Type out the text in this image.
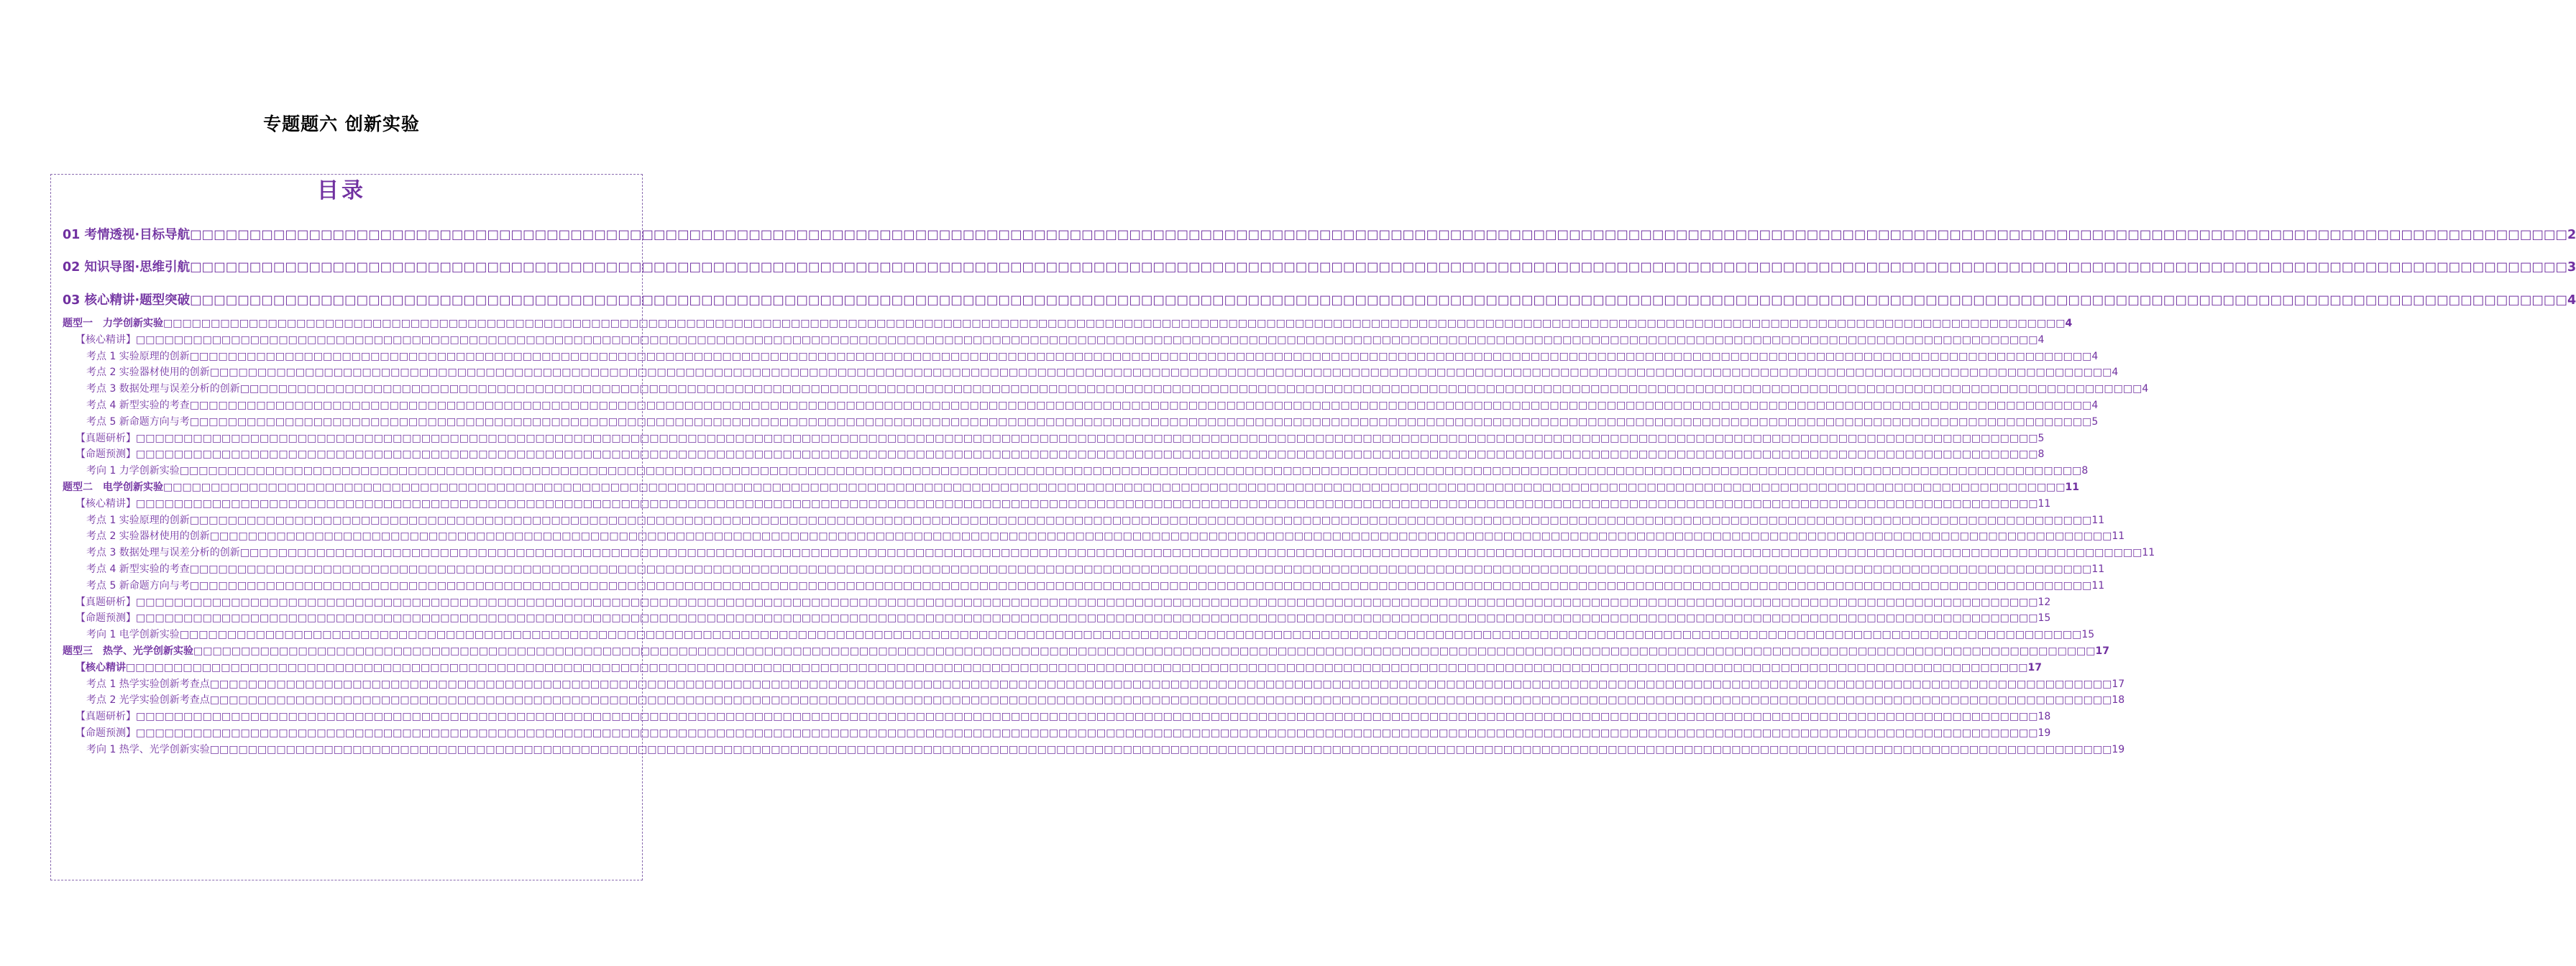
专题题六 创新实验
目录
01 考情透视·目标导航 □□□□□□□□□□□□□□□□□□□□□□□□□□□□□□□□□□□□□□□□□□□□□□□□□□□□□□□□□□□□□□□□□□□□□□□□□□□□□□□□□□□□□□□□□□□□□□□□□□□□□□□□□□□□□□□□□□□□□□□□□□□□□□□□□□□□□□□□□□□□□□□□□□□□□□□□□□□□□□□□□□□□□□□□□□□□□□□□□□□□□□□□□□□□□□□□□□□□□□□□ 2
02 知识导图·思维引航 □□□□□□□□□□□□□□□□□□□□□□□□□□□□□□□□□□□□□□□□□□□□□□□□□□□□□□□□□□□□□□□□□□□□□□□□□□□□□□□□□□□□□□□□□□□□□□□□□□□□□□□□□□□□□□□□□□□□□□□□□□□□□□□□□□□□□□□□□□□□□□□□□□□□□□□□□□□□□□□□□□□□□□□□□□□□□□□□□□□□□□□□□□□□□□□□□□□□□□□□ 3
03 核心精讲·题型突破 □□□□□□□□□□□□□□□□□□□□□□□□□□□□□□□□□□□□□□□□□□□□□□□□□□□□□□□□□□□□□□□□□□□□□□□□□□□□□□□□□□□□□□□□□□□□□□□□□□□□□□□□□□□□□□□□□□□□□□□□□□□□□□□□□□□□□□□□□□□□□□□□□□□□□□□□□□□□□□□□□□□□□□□□□□□□□□□□□□□□□□□□□□□□□□□□□□□□□□□□ 4
题型一　力学创新实验 □□□□□□□□□□□□□□□□□□□□□□□□□□□□□□□□□□□□□□□□□□□□□□□□□□□□□□□□□□□□□□□□□□□□□□□□□□□□□□□□□□□□□□□□□□□□□□□□□□□□□□□□□□□□□□□□□□□□□□□□□□□□□□□□□□□□□□□□□□□□□□□□□□□□□□□□□□□□□□□□□□□□□□□□□□□□□□□□□□□□□□□□□□□□□□□□□□□□□□□□ 4
【核心精讲】 □□□□□□□□□□□□□□□□□□□□□□□□□□□□□□□□□□□□□□□□□□□□□□□□□□□□□□□□□□□□□□□□□□□□□□□□□□□□□□□□□□□□□□□□□□□□□□□□□□□□□□□□□□□□□□□□□□□□□□□□□□□□□□□□□□□□□□□□□□□□□□□□□□□□□□□□□□□□□□□□□□□□□□□□□□□□□□□□□□□□□□□□□□□□□□□□□□□□□□□□ 4
考点 1 实验原理的创新 □□□□□□□□□□□□□□□□□□□□□□□□□□□□□□□□□□□□□□□□□□□□□□□□□□□□□□□□□□□□□□□□□□□□□□□□□□□□□□□□□□□□□□□□□□□□□□□□□□□□□□□□□□□□□□□□□□□□□□□□□□□□□□□□□□□□□□□□□□□□□□□□□□□□□□□□□□□□□□□□□□□□□□□□□□□□□□□□□□□□□□□□□□□□□□□□□□□□□□□□ 4
考点 2 实验器材使用的创新 □□□□□□□□□□□□□□□□□□□□□□□□□□□□□□□□□□□□□□□□□□□□□□□□□□□□□□□□□□□□□□□□□□□□□□□□□□□□□□□□□□□□□□□□□□□□□□□□□□□□□□□□□□□□□□□□□□□□□□□□□□□□□□□□□□□□□□□□□□□□□□□□□□□□□□□□□□□□□□□□□□□□□□□□□□□□□□□□□□□□□□□□□□□□□□□□□□□□□□□□ 4
考点 3 数据处理与误差分析的创新 □□□□□□□□□□□□□□□□□□□□□□□□□□□□□□□□□□□□□□□□□□□□□□□□□□□□□□□□□□□□□□□□□□□□□□□□□□□□□□□□□□□□□□□□□□□□□□□□□□□□□□□□□□□□□□□□□□□□□□□□□□□□□□□□□□□□□□□□□□□□□□□□□□□□□□□□□□□□□□□□□□□□□□□□□□□□□□□□□□□□□□□□□□□□□□□□□□□□□□□□ 4
考点 4 新型实验的考查 □□□□□□□□□□□□□□□□□□□□□□□□□□□□□□□□□□□□□□□□□□□□□□□□□□□□□□□□□□□□□□□□□□□□□□□□□□□□□□□□□□□□□□□□□□□□□□□□□□□□□□□□□□□□□□□□□□□□□□□□□□□□□□□□□□□□□□□□□□□□□□□□□□□□□□□□□□□□□□□□□□□□□□□□□□□□□□□□□□□□□□□□□□□□□□□□□□□□□□□□ 4
考点 5 新命题方向与考 □□□□□□□□□□□□□□□□□□□□□□□□□□□□□□□□□□□□□□□□□□□□□□□□□□□□□□□□□□□□□□□□□□□□□□□□□□□□□□□□□□□□□□□□□□□□□□□□□□□□□□□□□□□□□□□□□□□□□□□□□□□□□□□□□□□□□□□□□□□□□□□□□□□□□□□□□□□□□□□□□□□□□□□□□□□□□□□□□□□□□□□□□□□□□□□□□□□□□□□□ 5
【真题研析】 □□□□□□□□□□□□□□□□□□□□□□□□□□□□□□□□□□□□□□□□□□□□□□□□□□□□□□□□□□□□□□□□□□□□□□□□□□□□□□□□□□□□□□□□□□□□□□□□□□□□□□□□□□□□□□□□□□□□□□□□□□□□□□□□□□□□□□□□□□□□□□□□□□□□□□□□□□□□□□□□□□□□□□□□□□□□□□□□□□□□□□□□□□□□□□□□□□□□□□□□ 5
【命题预测】 □□□□□□□□□□□□□□□□□□□□□□□□□□□□□□□□□□□□□□□□□□□□□□□□□□□□□□□□□□□□□□□□□□□□□□□□□□□□□□□□□□□□□□□□□□□□□□□□□□□□□□□□□□□□□□□□□□□□□□□□□□□□□□□□□□□□□□□□□□□□□□□□□□□□□□□□□□□□□□□□□□□□□□□□□□□□□□□□□□□□□□□□□□□□□□□□□□□□□□□□ 8
考向 1 力学创新实验 □□□□□□□□□□□□□□□□□□□□□□□□□□□□□□□□□□□□□□□□□□□□□□□□□□□□□□□□□□□□□□□□□□□□□□□□□□□□□□□□□□□□□□□□□□□□□□□□□□□□□□□□□□□□□□□□□□□□□□□□□□□□□□□□□□□□□□□□□□□□□□□□□□□□□□□□□□□□□□□□□□□□□□□□□□□□□□□□□□□□□□□□□□□□□□□□□□□□□□□□ 8
题型二　电学创新实验 □□□□□□□□□□□□□□□□□□□□□□□□□□□□□□□□□□□□□□□□□□□□□□□□□□□□□□□□□□□□□□□□□□□□□□□□□□□□□□□□□□□□□□□□□□□□□□□□□□□□□□□□□□□□□□□□□□□□□□□□□□□□□□□□□□□□□□□□□□□□□□□□□□□□□□□□□□□□□□□□□□□□□□□□□□□□□□□□□□□□□□□□□□□□□□□□□□□□□□□□ 11
【核心精讲】 □□□□□□□□□□□□□□□□□□□□□□□□□□□□□□□□□□□□□□□□□□□□□□□□□□□□□□□□□□□□□□□□□□□□□□□□□□□□□□□□□□□□□□□□□□□□□□□□□□□□□□□□□□□□□□□□□□□□□□□□□□□□□□□□□□□□□□□□□□□□□□□□□□□□□□□□□□□□□□□□□□□□□□□□□□□□□□□□□□□□□□□□□□□□□□□□□□□□□□□□ 11
考点 1 实验原理的创新 □□□□□□□□□□□□□□□□□□□□□□□□□□□□□□□□□□□□□□□□□□□□□□□□□□□□□□□□□□□□□□□□□□□□□□□□□□□□□□□□□□□□□□□□□□□□□□□□□□□□□□□□□□□□□□□□□□□□□□□□□□□□□□□□□□□□□□□□□□□□□□□□□□□□□□□□□□□□□□□□□□□□□□□□□□□□□□□□□□□□□□□□□□□□□□□□□□□□□□□□ 11
考点 2 实验器材使用的创新 □□□□□□□□□□□□□□□□□□□□□□□□□□□□□□□□□□□□□□□□□□□□□□□□□□□□□□□□□□□□□□□□□□□□□□□□□□□□□□□□□□□□□□□□□□□□□□□□□□□□□□□□□□□□□□□□□□□□□□□□□□□□□□□□□□□□□□□□□□□□□□□□□□□□□□□□□□□□□□□□□□□□□□□□□□□□□□□□□□□□□□□□□□□□□□□□□□□□□□□□ 11
考点 3 数据处理与误差分析的创新 □□□□□□□□□□□□□□□□□□□□□□□□□□□□□□□□□□□□□□□□□□□□□□□□□□□□□□□□□□□□□□□□□□□□□□□□□□□□□□□□□□□□□□□□□□□□□□□□□□□□□□□□□□□□□□□□□□□□□□□□□□□□□□□□□□□□□□□□□□□□□□□□□□□□□□□□□□□□□□□□□□□□□□□□□□□□□□□□□□□□□□□□□□□□□□□□□□□□□□□□ 11
考点 4 新型实验的考查 □□□□□□□□□□□□□□□□□□□□□□□□□□□□□□□□□□□□□□□□□□□□□□□□□□□□□□□□□□□□□□□□□□□□□□□□□□□□□□□□□□□□□□□□□□□□□□□□□□□□□□□□□□□□□□□□□□□□□□□□□□□□□□□□□□□□□□□□□□□□□□□□□□□□□□□□□□□□□□□□□□□□□□□□□□□□□□□□□□□□□□□□□□□□□□□□□□□□□□□□ 11
考点 5 新命题方向与考 □□□□□□□□□□□□□□□□□□□□□□□□□□□□□□□□□□□□□□□□□□□□□□□□□□□□□□□□□□□□□□□□□□□□□□□□□□□□□□□□□□□□□□□□□□□□□□□□□□□□□□□□□□□□□□□□□□□□□□□□□□□□□□□□□□□□□□□□□□□□□□□□□□□□□□□□□□□□□□□□□□□□□□□□□□□□□□□□□□□□□□□□□□□□□□□□□□□□□□□□ 11
【真题研析】 □□□□□□□□□□□□□□□□□□□□□□□□□□□□□□□□□□□□□□□□□□□□□□□□□□□□□□□□□□□□□□□□□□□□□□□□□□□□□□□□□□□□□□□□□□□□□□□□□□□□□□□□□□□□□□□□□□□□□□□□□□□□□□□□□□□□□□□□□□□□□□□□□□□□□□□□□□□□□□□□□□□□□□□□□□□□□□□□□□□□□□□□□□□□□□□□□□□□□□□□ 12
【命题预测】 □□□□□□□□□□□□□□□□□□□□□□□□□□□□□□□□□□□□□□□□□□□□□□□□□□□□□□□□□□□□□□□□□□□□□□□□□□□□□□□□□□□□□□□□□□□□□□□□□□□□□□□□□□□□□□□□□□□□□□□□□□□□□□□□□□□□□□□□□□□□□□□□□□□□□□□□□□□□□□□□□□□□□□□□□□□□□□□□□□□□□□□□□□□□□□□□□□□□□□□□ 15
考向 1 电学创新实验 □□□□□□□□□□□□□□□□□□□□□□□□□□□□□□□□□□□□□□□□□□□□□□□□□□□□□□□□□□□□□□□□□□□□□□□□□□□□□□□□□□□□□□□□□□□□□□□□□□□□□□□□□□□□□□□□□□□□□□□□□□□□□□□□□□□□□□□□□□□□□□□□□□□□□□□□□□□□□□□□□□□□□□□□□□□□□□□□□□□□□□□□□□□□□□□□□□□□□□□□ 15
题型三　热学、光学创新实验 □□□□□□□□□□□□□□□□□□□□□□□□□□□□□□□□□□□□□□□□□□□□□□□□□□□□□□□□□□□□□□□□□□□□□□□□□□□□□□□□□□□□□□□□□□□□□□□□□□□□□□□□□□□□□□□□□□□□□□□□□□□□□□□□□□□□□□□□□□□□□□□□□□□□□□□□□□□□□□□□□□□□□□□□□□□□□□□□□□□□□□□□□□□□□□□□□□□□□□□□ 17
【核心精讲 □□□□□□□□□□□□□□□□□□□□□□□□□□□□□□□□□□□□□□□□□□□□□□□□□□□□□□□□□□□□□□□□□□□□□□□□□□□□□□□□□□□□□□□□□□□□□□□□□□□□□□□□□□□□□□□□□□□□□□□□□□□□□□□□□□□□□□□□□□□□□□□□□□□□□□□□□□□□□□□□□□□□□□□□□□□□□□□□□□□□□□□□□□□□□□□□□□□□□□□□ 17
考点 1 热学实验创新考查点 □□□□□□□□□□□□□□□□□□□□□□□□□□□□□□□□□□□□□□□□□□□□□□□□□□□□□□□□□□□□□□□□□□□□□□□□□□□□□□□□□□□□□□□□□□□□□□□□□□□□□□□□□□□□□□□□□□□□□□□□□□□□□□□□□□□□□□□□□□□□□□□□□□□□□□□□□□□□□□□□□□□□□□□□□□□□□□□□□□□□□□□□□□□□□□□□□□□□□□□□ 17
考点 2 光学实验创新考查点 □□□□□□□□□□□□□□□□□□□□□□□□□□□□□□□□□□□□□□□□□□□□□□□□□□□□□□□□□□□□□□□□□□□□□□□□□□□□□□□□□□□□□□□□□□□□□□□□□□□□□□□□□□□□□□□□□□□□□□□□□□□□□□□□□□□□□□□□□□□□□□□□□□□□□□□□□□□□□□□□□□□□□□□□□□□□□□□□□□□□□□□□□□□□□□□□□□□□□□□□ 18
【真题研析】 □□□□□□□□□□□□□□□□□□□□□□□□□□□□□□□□□□□□□□□□□□□□□□□□□□□□□□□□□□□□□□□□□□□□□□□□□□□□□□□□□□□□□□□□□□□□□□□□□□□□□□□□□□□□□□□□□□□□□□□□□□□□□□□□□□□□□□□□□□□□□□□□□□□□□□□□□□□□□□□□□□□□□□□□□□□□□□□□□□□□□□□□□□□□□□□□□□□□□□□□ 18
【命题预测】 □□□□□□□□□□□□□□□□□□□□□□□□□□□□□□□□□□□□□□□□□□□□□□□□□□□□□□□□□□□□□□□□□□□□□□□□□□□□□□□□□□□□□□□□□□□□□□□□□□□□□□□□□□□□□□□□□□□□□□□□□□□□□□□□□□□□□□□□□□□□□□□□□□□□□□□□□□□□□□□□□□□□□□□□□□□□□□□□□□□□□□□□□□□□□□□□□□□□□□□□ 19
考向 1 热学、光学创新实验 □□□□□□□□□□□□□□□□□□□□□□□□□□□□□□□□□□□□□□□□□□□□□□□□□□□□□□□□□□□□□□□□□□□□□□□□□□□□□□□□□□□□□□□□□□□□□□□□□□□□□□□□□□□□□□□□□□□□□□□□□□□□□□□□□□□□□□□□□□□□□□□□□□□□□□□□□□□□□□□□□□□□□□□□□□□□□□□□□□□□□□□□□□□□□□□□□□□□□□□□ 19
